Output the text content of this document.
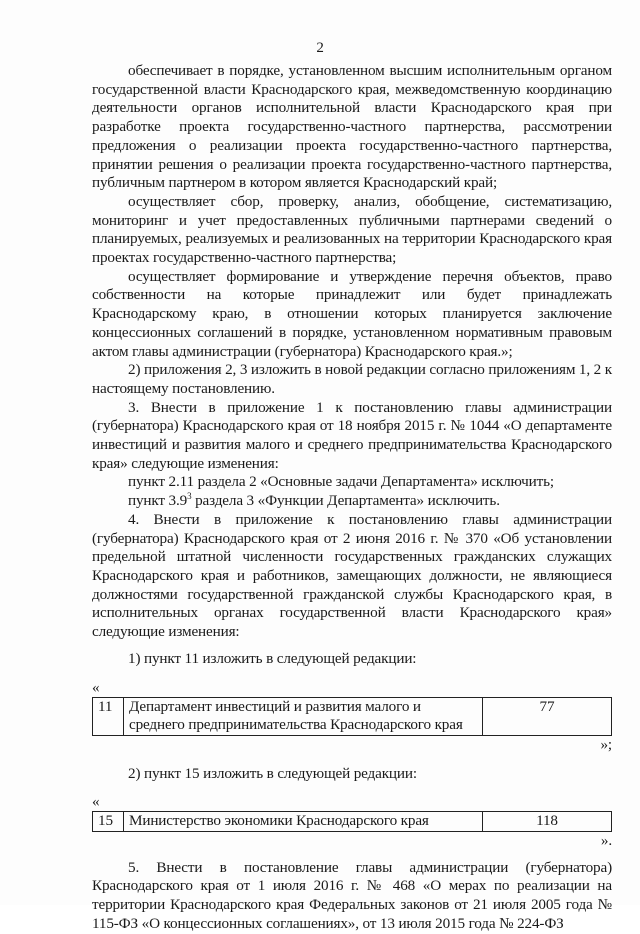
2

обеспечивает в порядке, установленном высшим исполнительным органом государственной власти Краснодарского края, межведомственную координацию деятельности органов исполнительной власти Краснодарского края при разработке проекта государственно-частного партнерства, рассмотрении предложения о реализации проекта государственно-частного партнерства, принятии решения о реализации проекта государственно-частного партнерства, публичным партнером в котором является Краснодарский край;

осуществляет сбор, проверку, анализ, обобщение, систематизацию, мониторинг и учет предоставленных публичными партнерами сведений о планируемых, реализуемых и реализованных на территории Краснодарского края проектах государственно-частного партнерства;

осуществляет формирование и утверждение перечня объектов, право собственности на которые принадлежит или будет принадлежать Краснодарскому краю, в отношении которых планируется заключение концессионных соглашений в порядке, установленном нормативным правовым актом главы администрации (губернатора) Краснодарского края.»;

2) приложения 2, 3 изложить в новой редакции согласно приложениям 1, 2 к настоящему постановлению.

3. Внести в приложение 1 к постановлению главы администрации (губернатора) Краснодарского края от 18 ноября 2015 г. № 1044 «О департаменте инвестиций и развития малого и среднего предпринимательства Краснодарского края» следующие изменения:

пункт 2.11 раздела 2 «Основные задачи Департамента» исключить;

пункт $3.9^3$ раздела 3 «Функции Департамента» исключить.

4. Внести в приложение к постановлению главы администрации (губернатора) Краснодарского края от 2 июня 2016 г. № 370 «Об установлении предельной штатной численности государственных гражданских служащих Краснодарского края и работников, замещающих должности, не являющиеся должностями государственной гражданской службы Краснодарского края, в исполнительных органах государственной власти Краснодарского края» следующие изменения:

1) пункт 11 изложить в следующей редакции:

«

11	Департамент инвестиций и развития малого и среднего предпринимательства Краснодарского края	77

»;

2) пункт 15 изложить в следующей редакции:

«

15	Министерство экономики Краснодарского края	118

».

5. Внести в постановление главы администрации (губернатора) Краснодарского края от 1 июля 2016 г. № 468 «О мерах по реализации на территории Краснодарского края Федеральных законов от 21 июля 2005 года № 115-ФЗ «О концессионных соглашениях», от 13 июля 2015 года № 224-ФЗ
